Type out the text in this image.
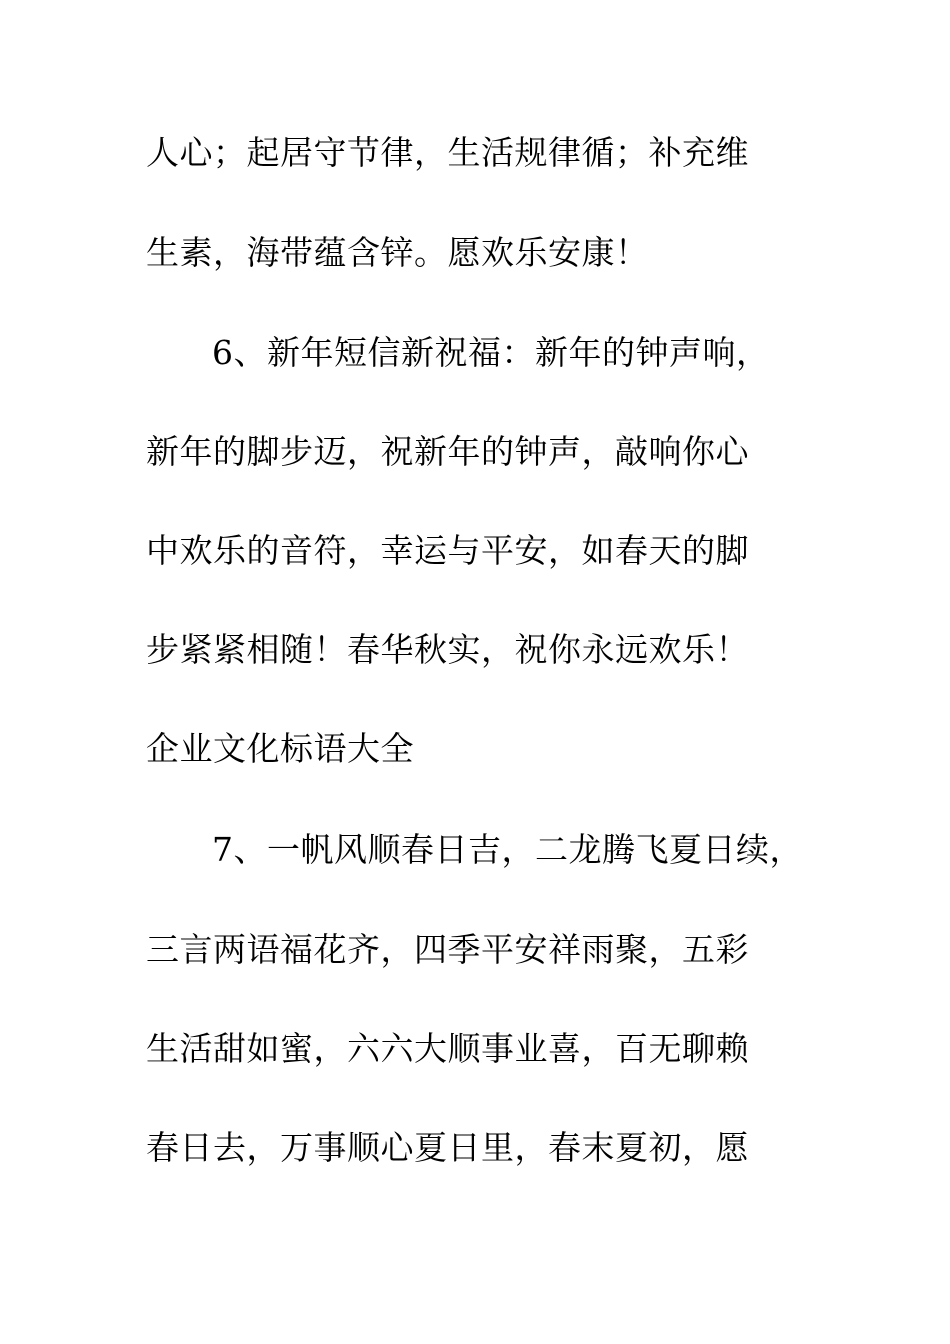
人心；起居守节律，生活规律循；补充维
生素，海带蕴含锌。愿欢乐安康！
6、新年短信新祝福：新年的钟声响，
新年的脚步迈，祝新年的钟声，敲响你心
中欢乐的音符，幸运与平安，如春天的脚
步紧紧相随！春华秋实，祝你永远欢乐！
企业文化标语大全
7、一帆风顺春日吉，二龙腾飞夏日续，
三言两语福花齐，四季平安祥雨聚，五彩
生活甜如蜜，六六大顺事业喜，百无聊赖
春日去，万事顺心夏日里，春末夏初，愿
